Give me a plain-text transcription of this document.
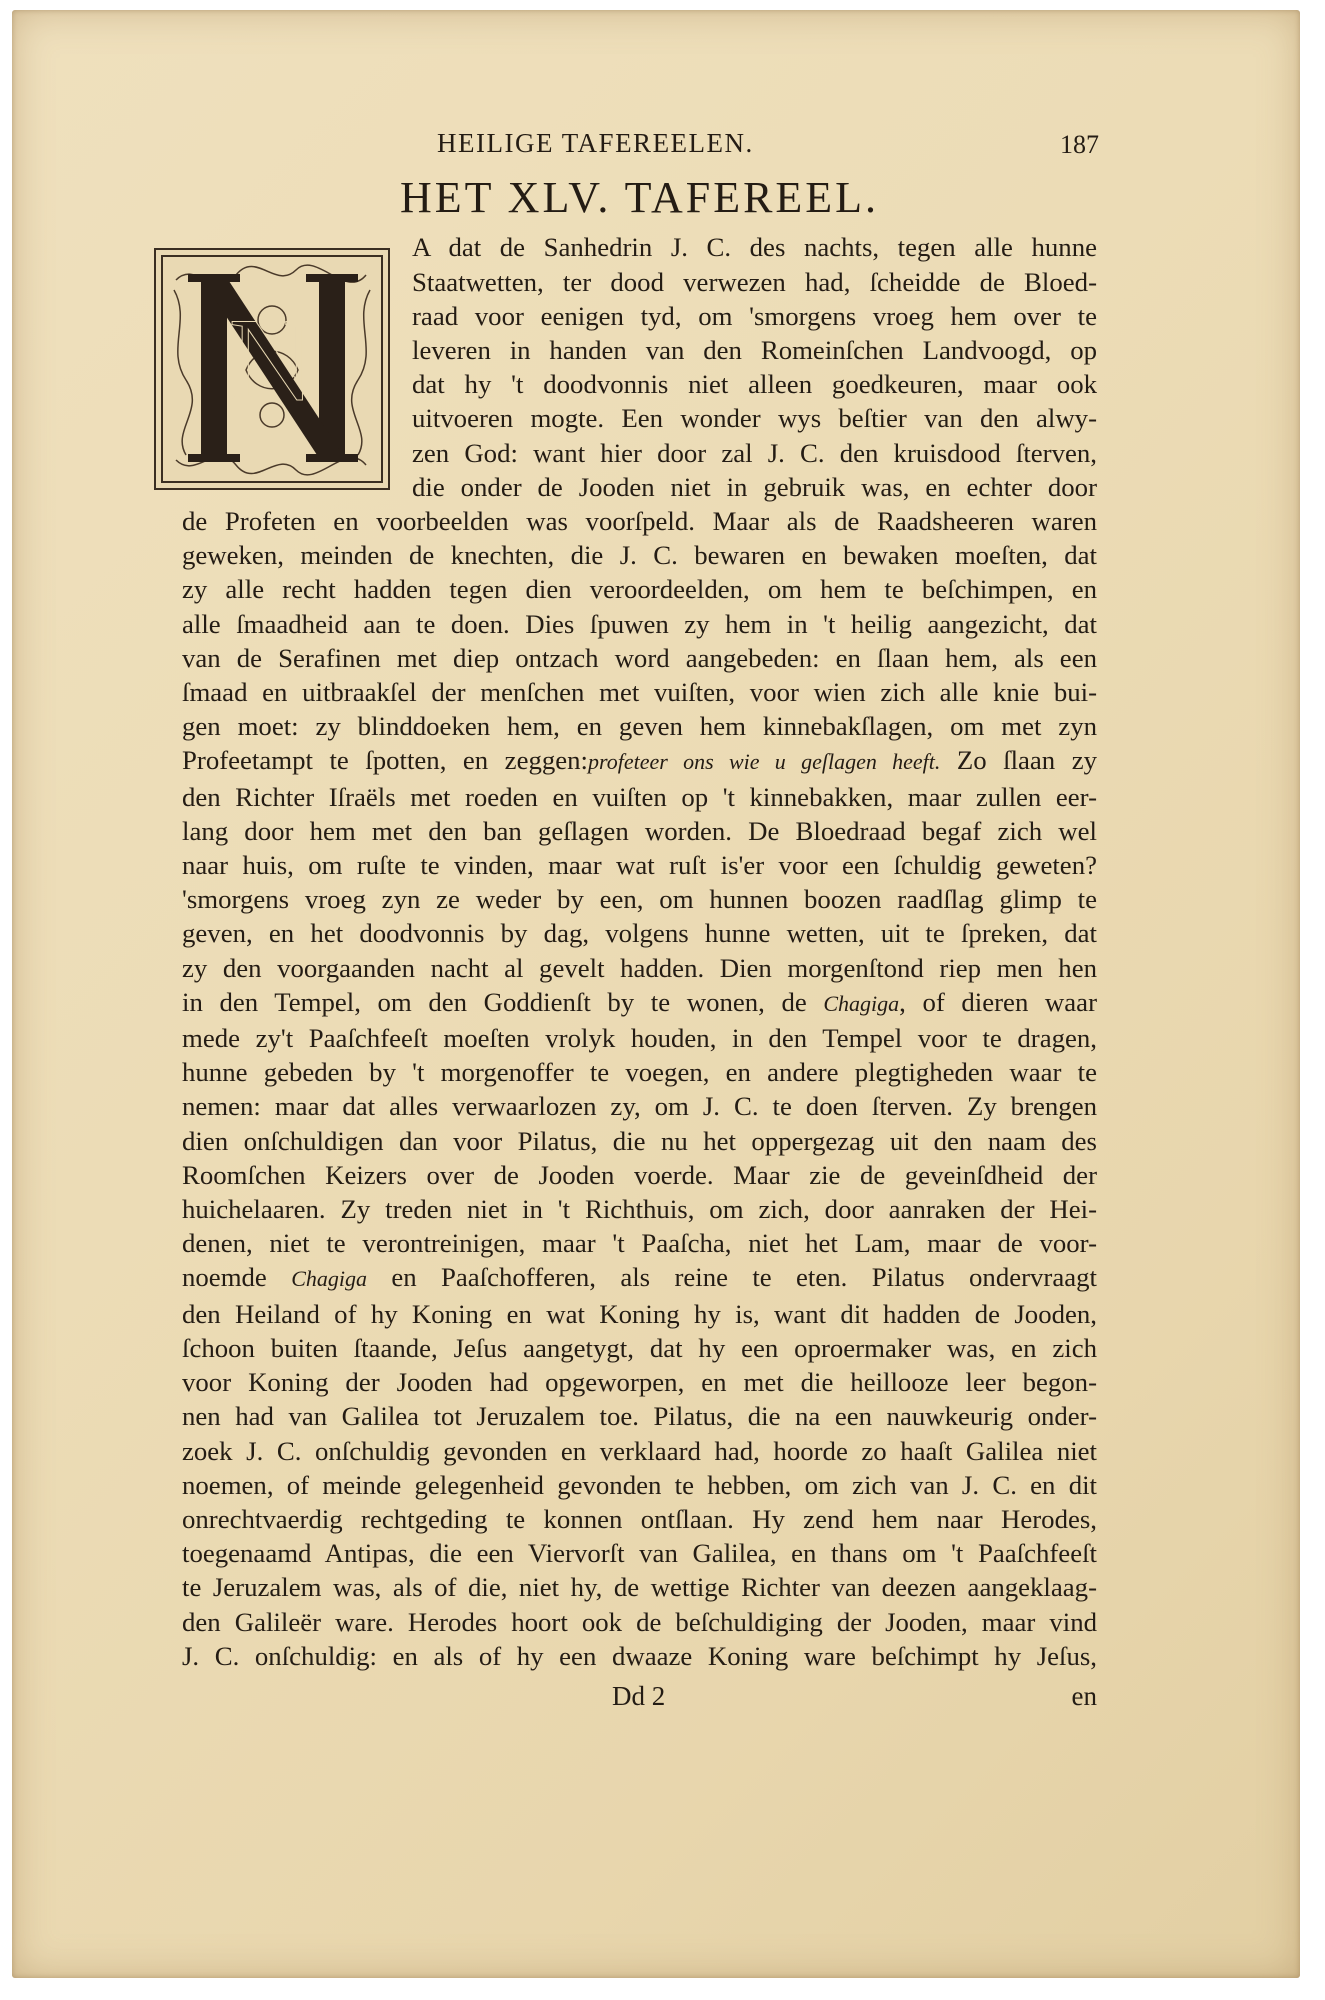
HEILIGE TAFEREELEN.	187
HET XLV. TAFEREEL.
N
A dat de Sanhedrin J. C. des nachts, tegen alle hunne
Staatwetten, ter dood verwezen had, ſcheidde de Bloed-
raad voor eenigen tyd, om 'smorgens vroeg hem over te
leveren in handen van den Romeinſchen Landvoogd, op
dat hy 't doodvonnis niet alleen goedkeuren, maar ook
uitvoeren mogte. Een wonder wys beſtier van den alwy-
zen God: want hier door zal J. C. den kruisdood ſterven,
die onder de Jooden niet in gebruik was, en echter door
de Profeten en voorbeelden was voorſpeld. Maar als de Raadsheeren waren
geweken, meinden de knechten, die J. C. bewaren en bewaken moeſten, dat
zy alle recht hadden tegen dien veroordeelden, om hem te beſchimpen, en
alle ſmaadheid aan te doen. Dies ſpuwen zy hem in 't heilig aangezicht, dat
van de Serafinen met diep ontzach word aangebeden: en ſlaan hem, als een
ſmaad en uitbraakſel der menſchen met vuiſten, voor wien zich alle knie bui-
gen moet: zy blinddoeken hem, en geven hem kinnebakſlagen, om met zyn
Profeetampt te ſpotten, en zeggen:profeteer ons wie u geſlagen heeft. Zo ſlaan zy
den Richter Iſraëls met roeden en vuiſten op 't kinnebakken, maar zullen eer-
lang door hem met den ban geſlagen worden. De Bloedraad begaf zich wel
naar huis, om ruſte te vinden, maar wat ruſt is'er voor een ſchuldig geweten?
'smorgens vroeg zyn ze weder by een, om hunnen boozen raadſlag glimp te
geven, en het doodvonnis by dag, volgens hunne wetten, uit te ſpreken, dat
zy den voorgaanden nacht al gevelt hadden. Dien morgenſtond riep men hen
in den Tempel, om den Goddienſt by te wonen, de Chagiga, of dieren waar
mede zy't Paaſchfeeſt moeſten vrolyk houden, in den Tempel voor te dragen,
hunne gebeden by 't morgenoffer te voegen, en andere plegtigheden waar te
nemen: maar dat alles verwaarlozen zy, om J. C. te doen ſterven. Zy brengen
dien onſchuldigen dan voor Pilatus, die nu het oppergezag uit den naam des
Roomſchen Keizers over de Jooden voerde. Maar zie de geveinſdheid der
huichelaaren. Zy treden niet in 't Richthuis, om zich, door aanraken der Hei-
denen, niet te verontreinigen, maar 't Paaſcha, niet het Lam, maar de voor-
noemde Chagiga en Paaſchofferen, als reine te eten. Pilatus ondervraagt
den Heiland of hy Koning en wat Koning hy is, want dit hadden de Jooden,
ſchoon buiten ſtaande, Jeſus aangetygt, dat hy een oproermaker was, en zich
voor Koning der Jooden had opgeworpen, en met die heillooze leer begon-
nen had van Galilea tot Jeruzalem toe. Pilatus, die na een nauwkeurig onder-
zoek J. C. onſchuldig gevonden en verklaard had, hoorde zo haaſt Galilea niet
noemen, of meinde gelegenheid gevonden te hebben, om zich van J. C. en dit
onrechtvaerdig rechtgeding te konnen ontſlaan. Hy zend hem naar Herodes,
toegenaamd Antipas, die een Viervorſt van Galilea, en thans om 't Paaſchfeeſt
te Jeruzalem was, als of die, niet hy, de wettige Richter van deezen aangeklaag-
den Galileër ware. Herodes hoort ook de beſchuldiging der Jooden, maar vind
J. C. onſchuldig: en als of hy een dwaaze Koning ware beſchimpt hy Jeſus,
Dd 2	en
